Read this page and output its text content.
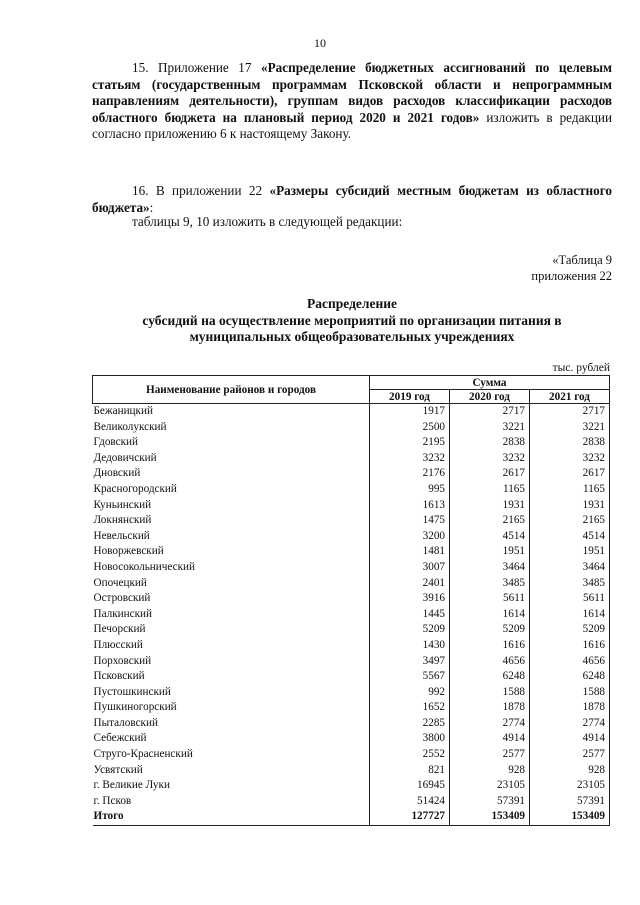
10
15. Приложение 17 «Распределение бюджетных ассигнований по целевым статьям (государственным программам Псковской области и непрограммным направлениям деятельности), группам видов расходов классификации расходов областного бюджета на плановый период 2020 и 2021 годов» изложить в редакции согласно приложению 6 к настоящему Закону.
16. В приложении 22 «Размеры субсидий местным бюджетам из областного бюджета»:
таблицы 9, 10 изложить в следующей редакции:
«Таблица 9
приложения 22
Распределение
субсидий на осуществление мероприятий по организации питания в
муниципальных общеобразовательных учреждениях
тыс. рублей
Наименование районов и городов	Сумма		
	2019 год	2020 год	2021 год
Бежаницкий	1917	2717	2717
Великолукский	2500	3221	3221
Гдовский	2195	2838	2838
Дедовичский	3232	3232	3232
Дновский	2176	2617	2617
Красногородский	995	1165	1165
Куньинский	1613	1931	1931
Локнянский	1475	2165	2165
Невельский	3200	4514	4514
Новоржевский	1481	1951	1951
Новосокольнический	3007	3464	3464
Опочецкий	2401	3485	3485
Островский	3916	5611	5611
Палкинский	1445	1614	1614
Печорский	5209	5209	5209
Плюсский	1430	1616	1616
Порховский	3497	4656	4656
Псковский	5567	6248	6248
Пустошкинский	992	1588	1588
Пушкиногорский	1652	1878	1878
Пыталовский	2285	2774	2774
Себежский	3800	4914	4914
Струго-Красненский	2552	2577	2577
Усвятский	821	928	928
г. Великие Луки	16945	23105	23105
г. Псков	51424	57391	57391
Итого	127727	153409	153409
